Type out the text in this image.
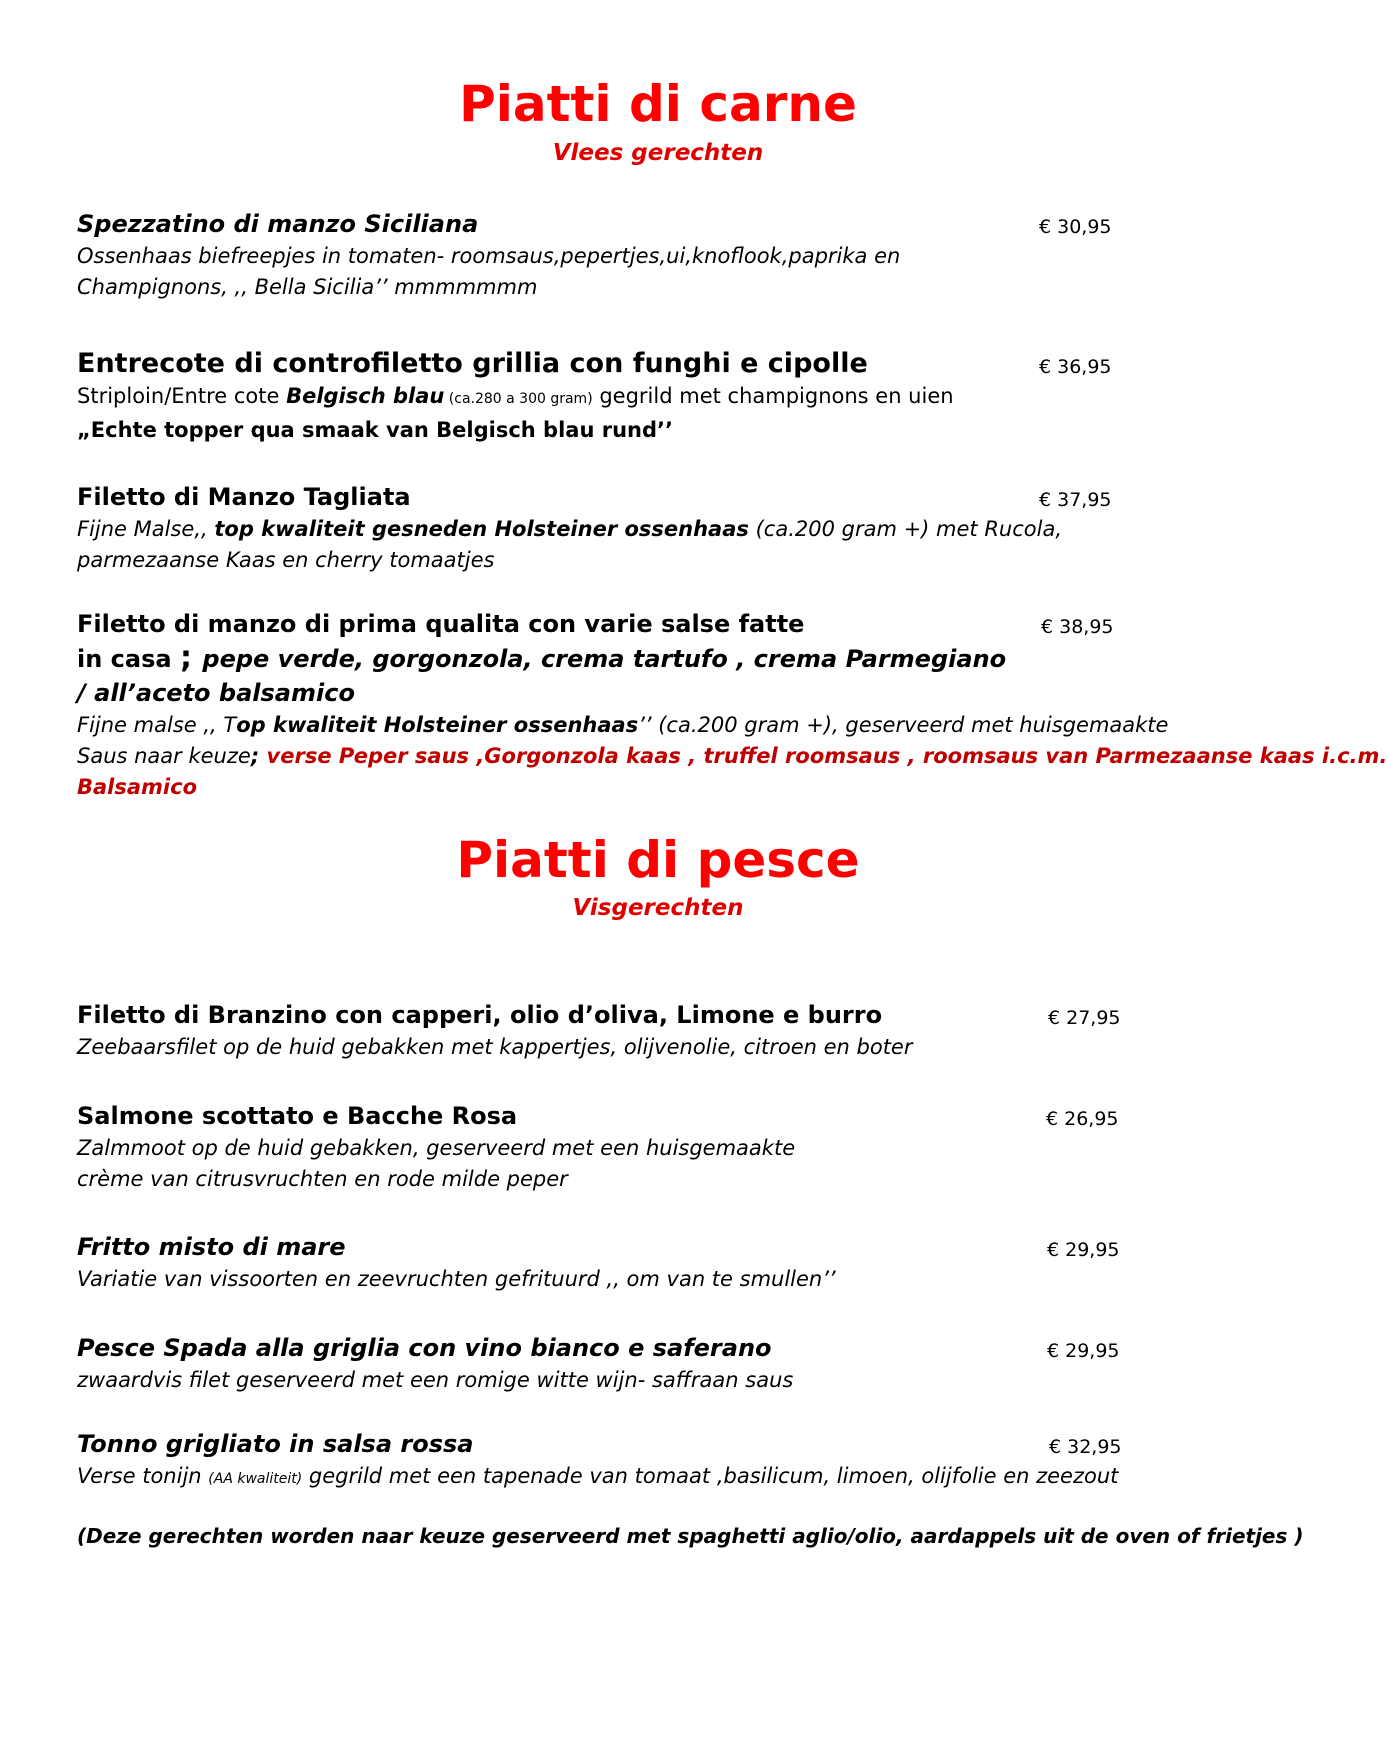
Piatti di carne
Vlees gerechten
Spezzatino di manzo Siciliana
Ossenhaas biefreepjes in tomaten- roomsaus,pepertjes,ui,knoflook,paprika en
Champignons, ,, Bella Sicilia’’ mmmmmmm
€ 30,95
Entrecote di controfiletto grillia con funghi e cipolle
Striploin/Entre cote Belgisch blau (ca.280 a 300 gram) gegrild met champignons en uien
„Echte topper qua smaak van Belgisch blau rund’’
€ 36,95
Filetto di Manzo Tagliata
Fijne Malse,, top kwaliteit gesneden Holsteiner ossenhaas (ca.200 gram +) met Rucola,
parmezaanse Kaas en cherry tomaatjes
€ 37,95
Filetto di manzo di prima qualita con varie salse fatte
in casa ; pepe verde, gorgonzola, crema tartufo , crema Parmegiano
/ all’aceto balsamico
Fijne malse ,, Top kwaliteit Holsteiner ossenhaas’’ (ca.200 gram +), geserveerd met huisgemaakte
Saus naar keuze; verse Peper saus ,Gorgonzola kaas , truffel roomsaus , roomsaus van Parmezaanse kaas i.c.m.
Balsamico
€ 38,95
Piatti di pesce
Visgerechten
Filetto di Branzino con capperi, olio d’oliva, Limone e burro
Zeebaarsfilet op de huid gebakken met kappertjes, olijvenolie, citroen en boter
€ 27,95
Salmone scottato e Bacche Rosa
Zalmmoot op de huid gebakken, geserveerd met een huisgemaakte
crème van citrusvruchten en rode milde peper
€ 26,95
Fritto misto di mare
Variatie van vissoorten en zeevruchten gefrituurd ,, om van te smullen’’
€ 29,95
Pesce Spada alla griglia con vino bianco e saferano
zwaardvis filet geserveerd met een romige witte wijn- saffraan saus
€ 29,95
Tonno grigliato in salsa rossa
Verse tonijn (AA kwaliteit) gegrild met een tapenade van tomaat ,basilicum, limoen, olijfolie en zeezout
€ 32,95
(Deze gerechten worden naar keuze geserveerd met spaghetti aglio/olio, aardappels uit de oven of frietjes )
